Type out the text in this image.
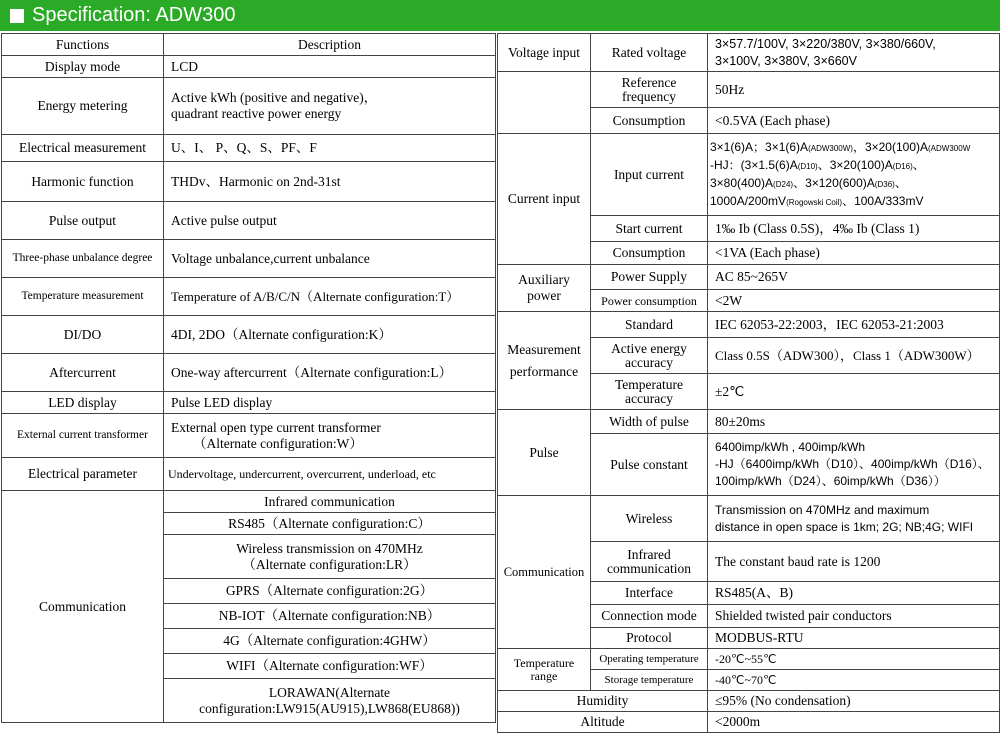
Specification: ADW300
Functions	Description
Display mode	LCD
Energy metering	Active kWh (positive and negative)，
quadrant reactive power energy

Electrical measurement	U、I、 P、Q、S、PF、F
Harmonic function	THDv、Harmonic on 2nd-31st
Pulse output	Active pulse output
Three-phase unbalance degree	Voltage unbalance,current unbalance
Temperature measurement	Temperature of A/B/C/N（Alternate configuration:T）
DI/DO	4DI, 2DO（Alternate configuration:K）
Aftercurrent	One-way aftercurrent（Alternate configuration:L）
LED display	Pulse LED display
External current transformer	External open type current transformer
（Alternate configuration:W）

Electrical parameter	Undervoltage, undercurrent, overcurrent, underload, etc
Communication	Infrared communication
	RS485（Alternate configuration:C）

	Wireless transmission on 470MHz
（Alternate configuration:LR）

	GPRS（Alternate configuration:2G）
	NB-IOT（Alternate configuration:NB）
	4G（Alternate configuration:4GHW）
	WIFI（Alternate configuration:WF）

	LORAWAN(Alternate
configuration:LW915(AU915),LW868(EU868))
Voltage input	Rated voltage	3×57.7/100V, 3×220/380V, 3×380/660V,
3×100V, 3×380V, 3×660V

	Reference
frequency	50Hz
	Consumption	<0.5VA (Each phase)
Current input	Input current	3×1(6)A；3×1(6)A(ADW300W)，3×20(100)A(ADW300W
-HJ：(3×1.5(6)A(D10)、3×20(100)A(D16)、
3×80(400)A(D24)、3×120(600)A(D36)、
1000A/200mV(Rogowski Coil)、100A/333mV

	Start current	1‰ Ib (Class 0.5S)，4‰ Ib (Class 1)
	Consumption	<1VA (Each phase)

Auxiliary
power	Power Supply	AC 85~265V
	Power consumption	<2W

Measurement
performance	Standard	IEC 62053-22:2003，IEC 62053-21:2003

	Active energy
accuracy	Class 0.5S（ADW300），Class 1（ADW300W）

	Temperature
accuracy	±2℃
Pulse	Width of pulse	80±20ms
	Pulse constant	6400imp/kWh , 400imp/kWh
-HJ（6400imp/kWh（D10）、400imp/kWh（D16）、
100imp/kWh（D24）、60imp/kWh（D36））

Communication	Wireless	Transmission on 470MHz and maximum
distance in open space is 1km; 2G; NB;4G; WIFI

	Infrared
communication	The constant baud rate is 1200
	Interface	RS485(A、B)
	Connection mode	Shielded twisted pair conductors
	Protocol	MODBUS-RTU

Temperature
range	Operating temperature	-20℃~55℃
	Storage temperature	-40℃~70℃
Humidity		≤95% (No condensation)
Altitude		<2000m
